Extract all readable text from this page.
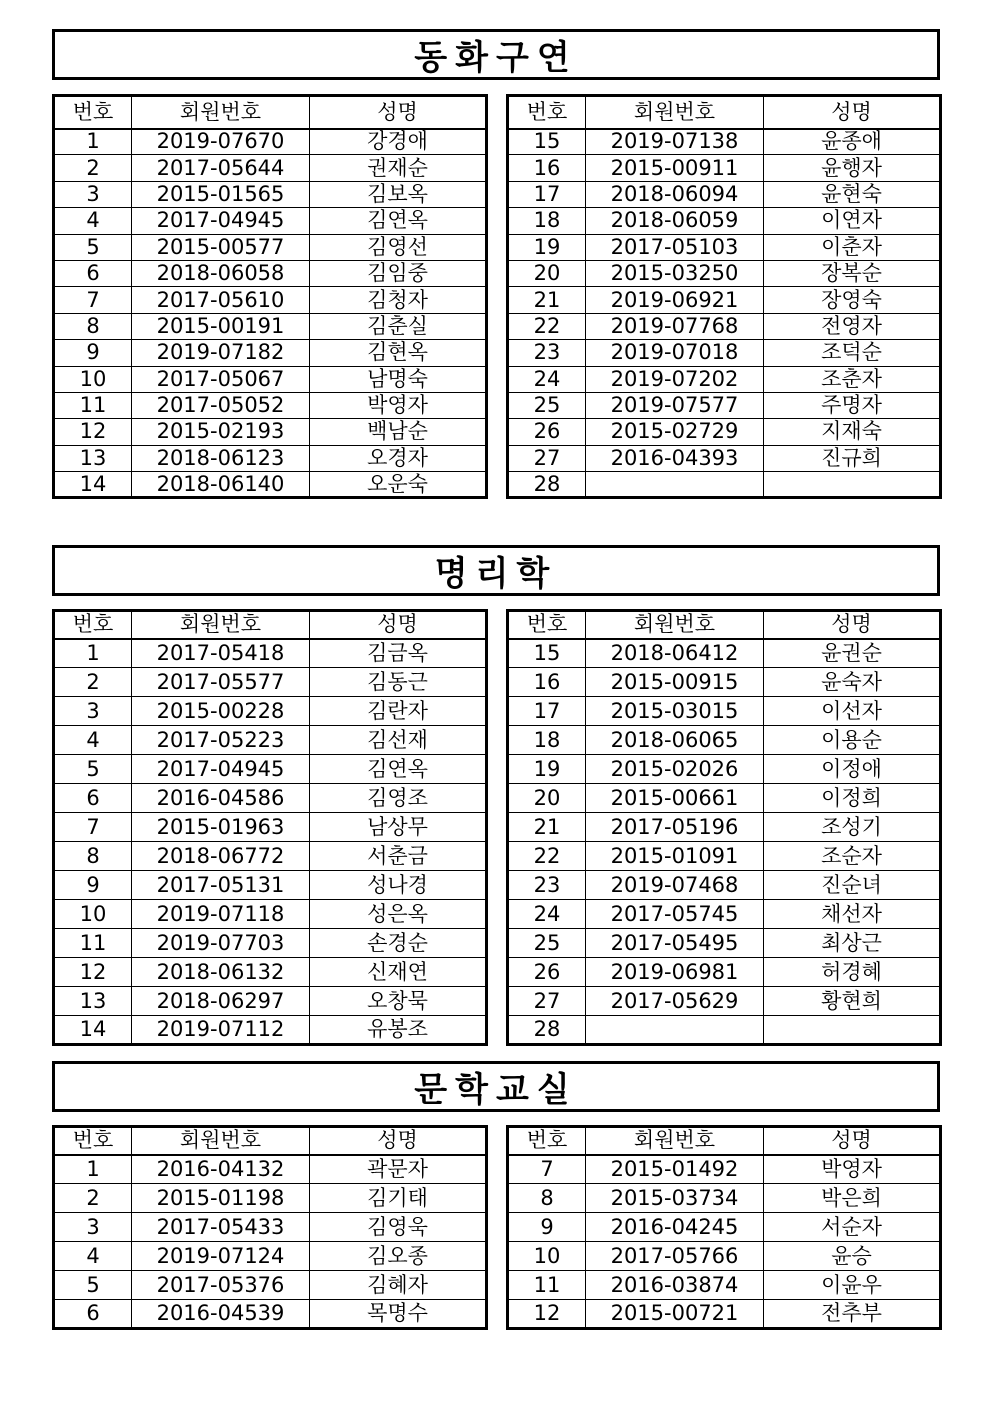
동화구연
번호	회원번호	성명
1	2019-07670	강경애
2	2017-05644	권재순
3	2015-01565	김보옥
4	2017-04945	김연옥
5	2015-00577	김영선
6	2018-06058	김임중
7	2017-05610	김청자
8	2015-00191	김춘실
9	2019-07182	김현옥
10	2017-05067	남명숙
11	2017-05052	박영자
12	2015-02193	백남순
13	2018-06123	오경자
14	2018-06140	오운숙
번호	회원번호	성명
15	2019-07138	윤종애
16	2015-00911	윤행자
17	2018-06094	윤현숙
18	2018-06059	이연자
19	2017-05103	이춘자
20	2015-03250	장복순
21	2019-06921	장영숙
22	2019-07768	전영자
23	2019-07018	조덕순
24	2019-07202	조춘자
25	2019-07577	주명자
26	2015-02729	지재숙
27	2016-04393	진규희
28		
명리학
번호	회원번호	성명
1	2017-05418	김금옥
2	2017-05577	김동근
3	2015-00228	김란자
4	2017-05223	김선재
5	2017-04945	김연옥
6	2016-04586	김영조
7	2015-01963	남상무
8	2018-06772	서춘금
9	2017-05131	성나경
10	2019-07118	성은옥
11	2019-07703	손경순
12	2018-06132	신재연
13	2018-06297	오창묵
14	2019-07112	유봉조
번호	회원번호	성명
15	2018-06412	윤권순
16	2015-00915	윤숙자
17	2015-03015	이선자
18	2018-06065	이용순
19	2015-02026	이정애
20	2015-00661	이정희
21	2017-05196	조성기
22	2015-01091	조순자
23	2019-07468	진순녀
24	2017-05745	채선자
25	2017-05495	최상근
26	2019-06981	허경혜
27	2017-05629	황현희
28		
문학교실
번호	회원번호	성명
1	2016-04132	곽문자
2	2015-01198	김기태
3	2017-05433	김영욱
4	2019-07124	김오종
5	2017-05376	김혜자
6	2016-04539	목명수
번호	회원번호	성명
7	2015-01492	박영자
8	2015-03734	박은희
9	2016-04245	서순자
10	2017-05766	윤승
11	2016-03874	이윤우
12	2015-00721	전추부
